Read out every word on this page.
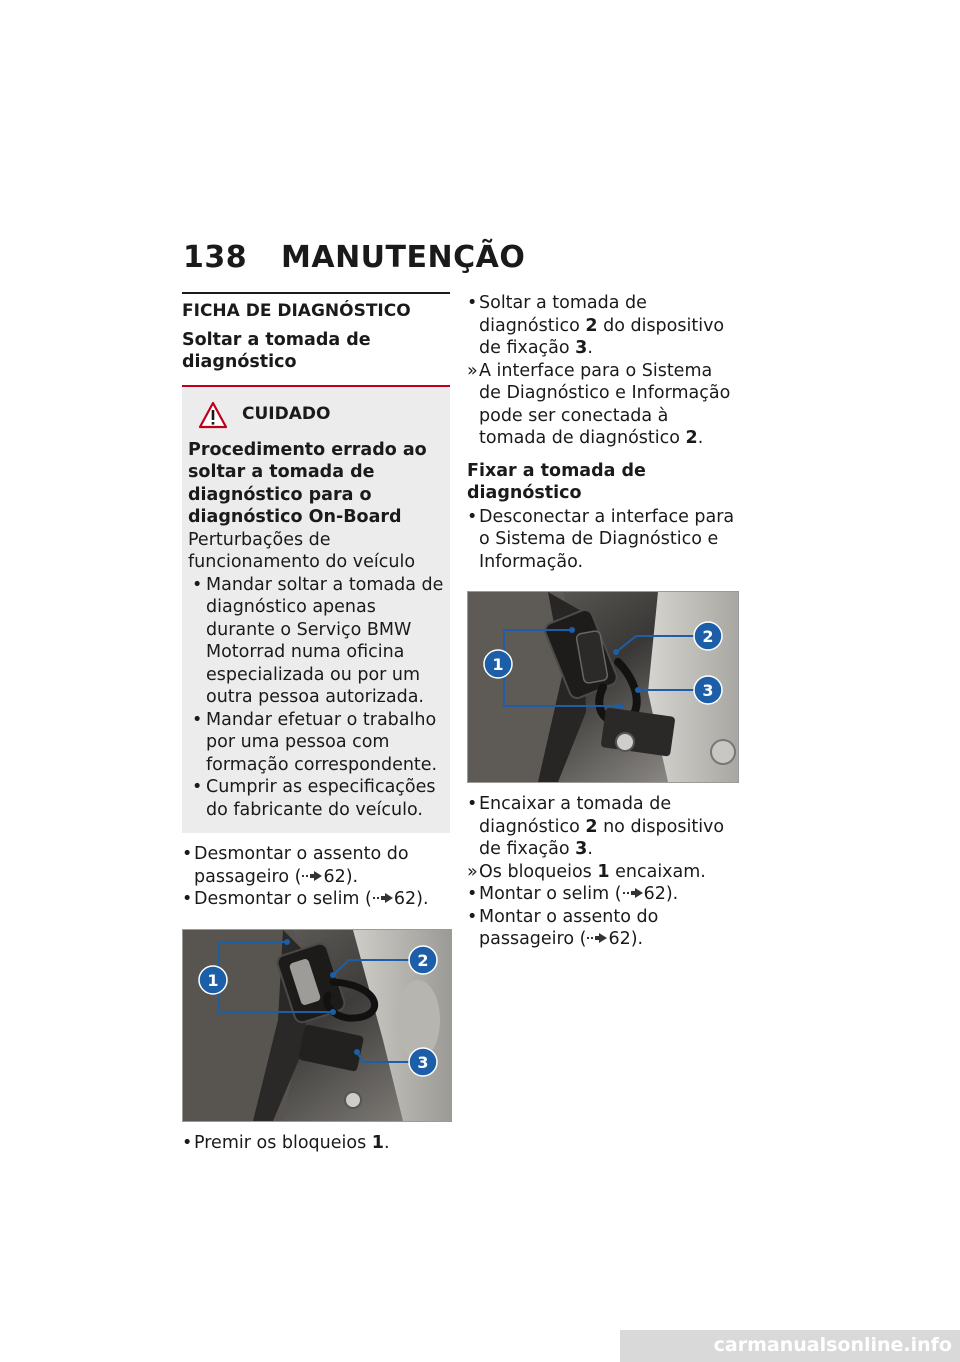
138 MANUTENÇÃO
FICHA DE DIAGNÓSTICO
Soltar a tomada de diagnóstico
CUIDADO
Procedimento errado ao soltar a tomada de diagnóstico para o diagnóstico On-Board
Perturbações de funcionamento do veículo
• Mandar soltar a tomada de diagnóstico apenas durante o Serviço BMW Motorrad numa oficina especializada ou por um outra pessoa autorizada.
• Mandar efetuar o trabalho por uma pessoa com formação correspondente.
• Cumprir as especificações do fabricante do veículo.
• Desmontar o assento do passageiro ( 62).
• Desmontar o selim ( 62).
1
2
3
• Premir os bloqueios 1.
• Soltar a tomada de diagnóstico 2 do dispositivo de fixação 3.
» A interface para o Sistema de Diagnóstico e Informação pode ser conectada à tomada de diagnóstico 2.
Fixar a tomada de diagnóstico
• Desconectar a interface para o Sistema de Diagnóstico e Informação.
1
2
3
• Encaixar a tomada de diagnóstico 2 no dispositivo de fixação 3.
» Os bloqueios 1 encaixam.
• Montar o selim ( 62).
• Montar o assento do passageiro ( 62).
carmanualsonline.info
